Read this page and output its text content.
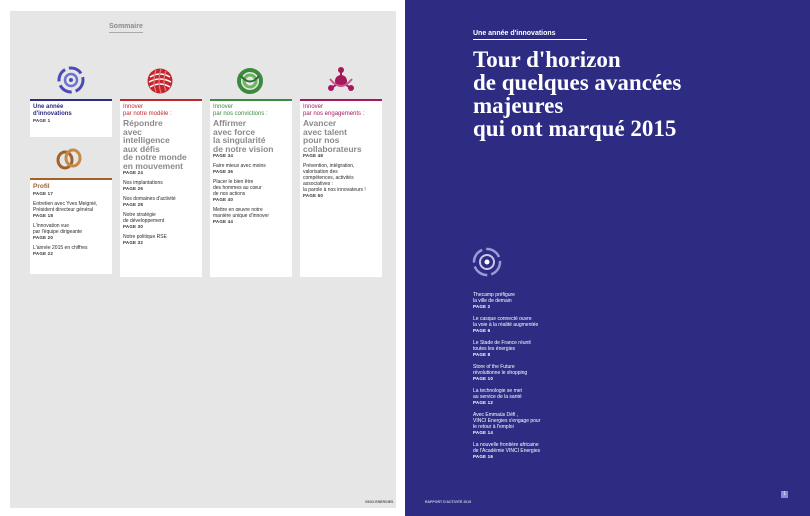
Sommaire

Une année

d'innovations

PAGE 1

Profil

PAGE 17

Entretien avec Yves Meignié,

Président directeur général

PAGE 18

L'innovation vue

par l'équipe dirigeante

PAGE 20

L'année 2015 en chiffres

PAGE 22

Innover

par notre modèle :

Répondre

avec

intelligence

aux défis

de notre monde

en mouvement

PAGE 24

Nos implantations

PAGE 26

Nos domaines d'activité

PAGE 28

Notre stratégie

de développement

PAGE 30

Notre politique RSE

PAGE 32

Innover

par nos convictions :

Affirmer

avec force

la singularité

de notre vision

PAGE 34

Faire mieux avec moins

PAGE 36

Placer le bien être

des hommes au cœur

de nos actions

PAGE 40

Mettre en œuvre notre

manière unique d'innover

PAGE 44

Innover

par nos engagements :

Avancer

avec talent

pour nos

collaborateurs

PAGE 48

Prévention, intégration,

valorisation des

compétences, activités

associatives :

la parole à nos innovateurs !

PAGE 50
VINCI ENERGIES
Une année d'innovations
Tour d'horizon
de quelques avancées
majeures
qui ont marqué 2015

Thecamp préfigure

la ville de demain

PAGE 2

Le casque connecté ouvre

la voie à la réalité augmentée

PAGE 6

Le Stade de France réunit

toutes les énergies

PAGE 8

Store of the Future

révolutionne le shopping

PAGE 10

La technologie se met

au service de la santé

PAGE 12

Avec Emmaüs Défi ,

VINCI Energies s'engage pour

le retour à l'emploi

PAGE 14

La nouvelle frontière africaine

de l'Académie VINCI Energies

PAGE 16
RAPPORT D'ACTIVITÉ 2015
1
